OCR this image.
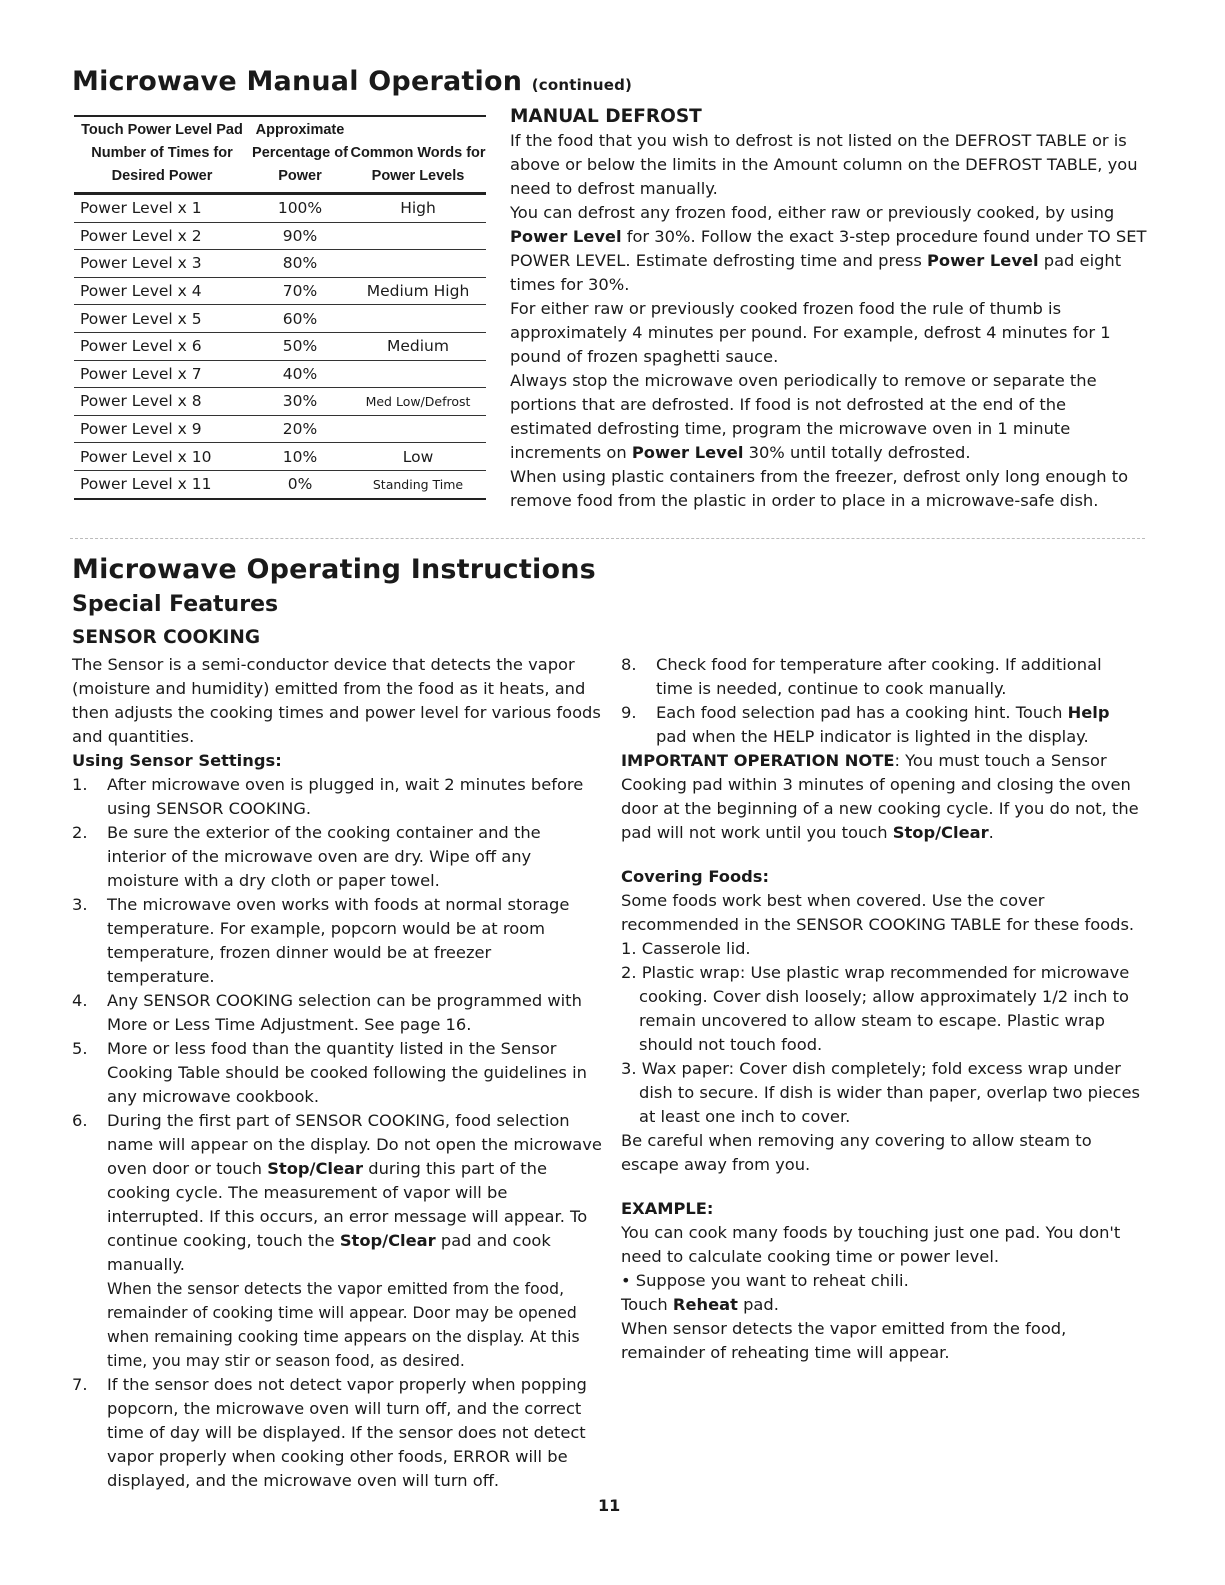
Microwave Manual Operation (continued)
Touch Power Level Pad Number of Times for Desired Power	Approximate Percentage of Power	Common Words for Power Levels
Power Level x 1	100%	High
Power Level x 2	90%	
Power Level x 3	80%	
Power Level x 4	70%	Medium High
Power Level x 5	60%	
Power Level x 6	50%	Medium
Power Level x 7	40%	
Power Level x 8	30%	Med Low/Defrost
Power Level x 9	20%	
Power Level x 10	10%	Low
Power Level x 11	0%	Standing Time
MANUAL DEFROST
If the food that you wish to defrost is not listed on the DEFROST TABLE or is above or below the limits in the Amount column on the DEFROST TABLE, you need to defrost manually.
You can defrost any frozen food, either raw or previously cooked, by using Power Level for 30%. Follow the exact 3-step procedure found under TO SET POWER LEVEL. Estimate defrosting time and press Power Level pad eight times for 30%.
For either raw or previously cooked frozen food the rule of thumb is approximately 4 minutes per pound. For example, defrost 4 minutes for 1 pound of frozen spaghetti sauce.
Always stop the microwave oven periodically to remove or separate the portions that are defrosted. If food is not defrosted at the end of the estimated defrosting time, program the microwave oven in 1 minute increments on Power Level 30% until totally defrosted.
When using plastic containers from the freezer, defrost only long enough to remove food from the plastic in order to place in a microwave-safe dish.
Microwave Operating Instructions
Special Features
SENSOR COOKING
The Sensor is a semi-conductor device that detects the vapor (moisture and humidity) emitted from the food as it heats, and then adjusts the cooking times and power level for various foods and quantities.
Using Sensor Settings:
1. After microwave oven is plugged in, wait 2 minutes before using SENSOR COOKING.
2. Be sure the exterior of the cooking container and the interior of the microwave oven are dry. Wipe off any moisture with a dry cloth or paper towel.
3. The microwave oven works with foods at normal storage temperature. For example, popcorn would be at room temperature, frozen dinner would be at freezer temperature.
4. Any SENSOR COOKING selection can be programmed with More or Less Time Adjustment. See page 16.
5. More or less food than the quantity listed in the Sensor Cooking Table should be cooked following the guidelines in any microwave cookbook.
6. During the first part of SENSOR COOKING, food selection name will appear on the display. Do not open the microwave oven door or touch Stop/Clear during this part of the cooking cycle. The measurement of vapor will be interrupted. If this occurs, an error message will appear. To continue cooking, touch the Stop/Clear pad and cook manually.
When the sensor detects the vapor emitted from the food, remainder of cooking time will appear. Door may be opened when remaining cooking time appears on the display. At this time, you may stir or season food, as desired.
7. If the sensor does not detect vapor properly when popping popcorn, the microwave oven will turn off, and the correct time of day will be displayed. If the sensor does not detect vapor properly when cooking other foods, ERROR will be displayed, and the microwave oven will turn off.
8. Check food for temperature after cooking. If additional time is needed, continue to cook manually.
9. Each food selection pad has a cooking hint. Touch Help pad when the HELP indicator is lighted in the display.
IMPORTANT OPERATION NOTE: You must touch a Sensor Cooking pad within 3 minutes of opening and closing the oven door at the beginning of a new cooking cycle. If you do not, the pad will not work until you touch Stop/Clear.
Covering Foods:
Some foods work best when covered. Use the cover recommended in the SENSOR COOKING TABLE for these foods.
1. Casserole lid.
2. Plastic wrap: Use plastic wrap recommended for microwave cooking. Cover dish loosely; allow approximately 1/2 inch to remain uncovered to allow steam to escape. Plastic wrap should not touch food.
3. Wax paper: Cover dish completely; fold excess wrap under dish to secure. If dish is wider than paper, overlap two pieces at least one inch to cover.
Be careful when removing any covering to allow steam to escape away from you.
EXAMPLE:
You can cook many foods by touching just one pad. You don't need to calculate cooking time or power level.
• Suppose you want to reheat chili.
Touch Reheat pad.
When sensor detects the vapor emitted from the food, remainder of reheating time will appear.
11
